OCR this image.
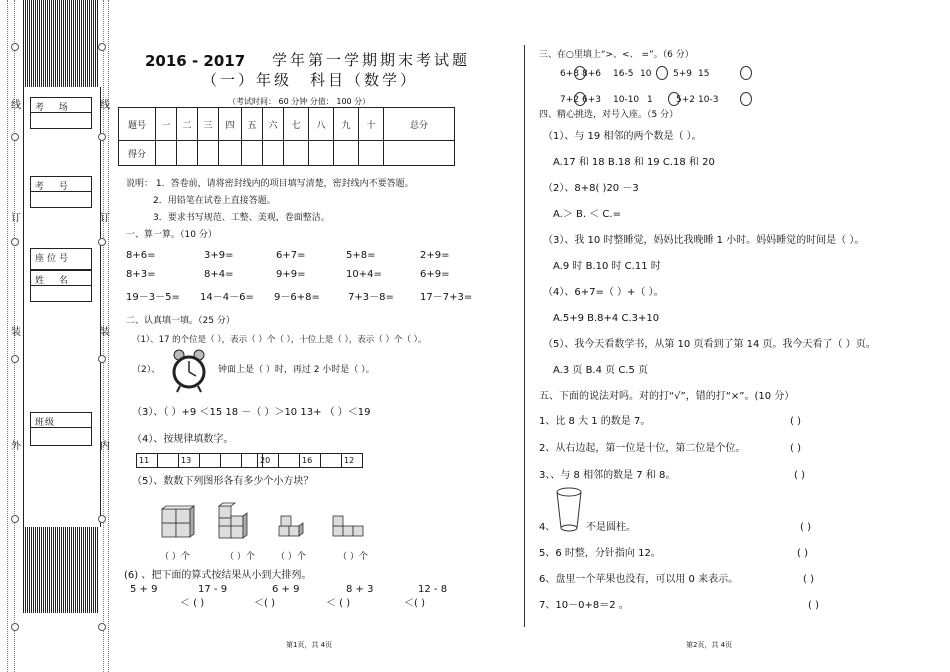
线
订
装
外
线
订
装
内
考 场
考 号
座位号
姓 名
班级
2016 - 2017 学年第一学期期末考试题
（一）年级　科目（数学）
（考试时间： 60 分钟 分值： 100 分）
题号	一	二	三	四	五	六	七	八	九	十	总分
得分											
说明： 1．答卷前，请将密封线内的项目填写清楚，密封线内不要答题。
2．用铅笔在试卷上直接答题。
3．要求书写规范、工整、美观，卷面整洁。
一、算一算。（10 分）
8+6=	3+9=	6+7=	5+8=	2+9=
8+3=	8+4=	9+9=	10+4=	6+9=
19－3－5= 14－4－6= 9－6+8=	7+3－8=	17－7+3=
二、认真填一填。（25 分）
（1）、17 的个位是（ ），表示（ ）个（ ），十位上是（ ），表示（ ）个（ ）。
（2）、	钟面上是（ ）时，再过 2 小时是（ ）。
（3）、（ ）+9 ＜15 18 －（ ）＞10 13+ （ ）＜19
（4）、按规律填数字。
11		13				20		16		12
（5）、数数下列图形各有多少个小方块？
（ ）个	（ ）个 （ ）个	（ ）个
(6) 、把下面的算式按结果从小到大排列。
5 + 9	17 - 9	6 + 9	8 + 3	12 - 8
＜ ( )	＜( )	＜ ( )	＜( )
第1页，共 4页
三、在○里填上“>、<、 =”。（6 分）
6+8 8+6 16-5 10 5+9 15
7+2 6+3 10-10 1	5+2 10-3
四、精心挑选，对号入座。（5 分）
（1）、与 19 相邻的两个数是（ ）。
A.17 和 18 B.18 和 19 C.18 和 20
（2）、8+8( )20 －3
A.＞ B. ＜ C.=
（3）、我 10 时整睡觉，妈妈比我晚睡 1 小时。妈妈睡觉的时间是（ ）。
A.9 时 B.10 时 C.11 时
（4）、6+7=（ ）+（ ）。
A.5+9 B.8+4 C.3+10
（5）、我今天看数学书，从第 10 页看到了第 14 页。我今天看了（ ）页。
A.3 页 B.4 页 C.5 页
五、下面的说法对吗。对的打“√”，错的打“×”。(10 分）
1、比 8 大 1 的数是 7。	( )
2、从右边起，第一位是十位，第二位是个位。	( )
3、、与 8 相邻的数是 7 和 8。	( )
4、	不是圆柱。	( )
5、6 时整，分针指向 12。	( )
6、盘里一个苹果也没有，可以用 0 来表示。	( )
7、10－0+8＝2 。	( )
第2页，共 4页
